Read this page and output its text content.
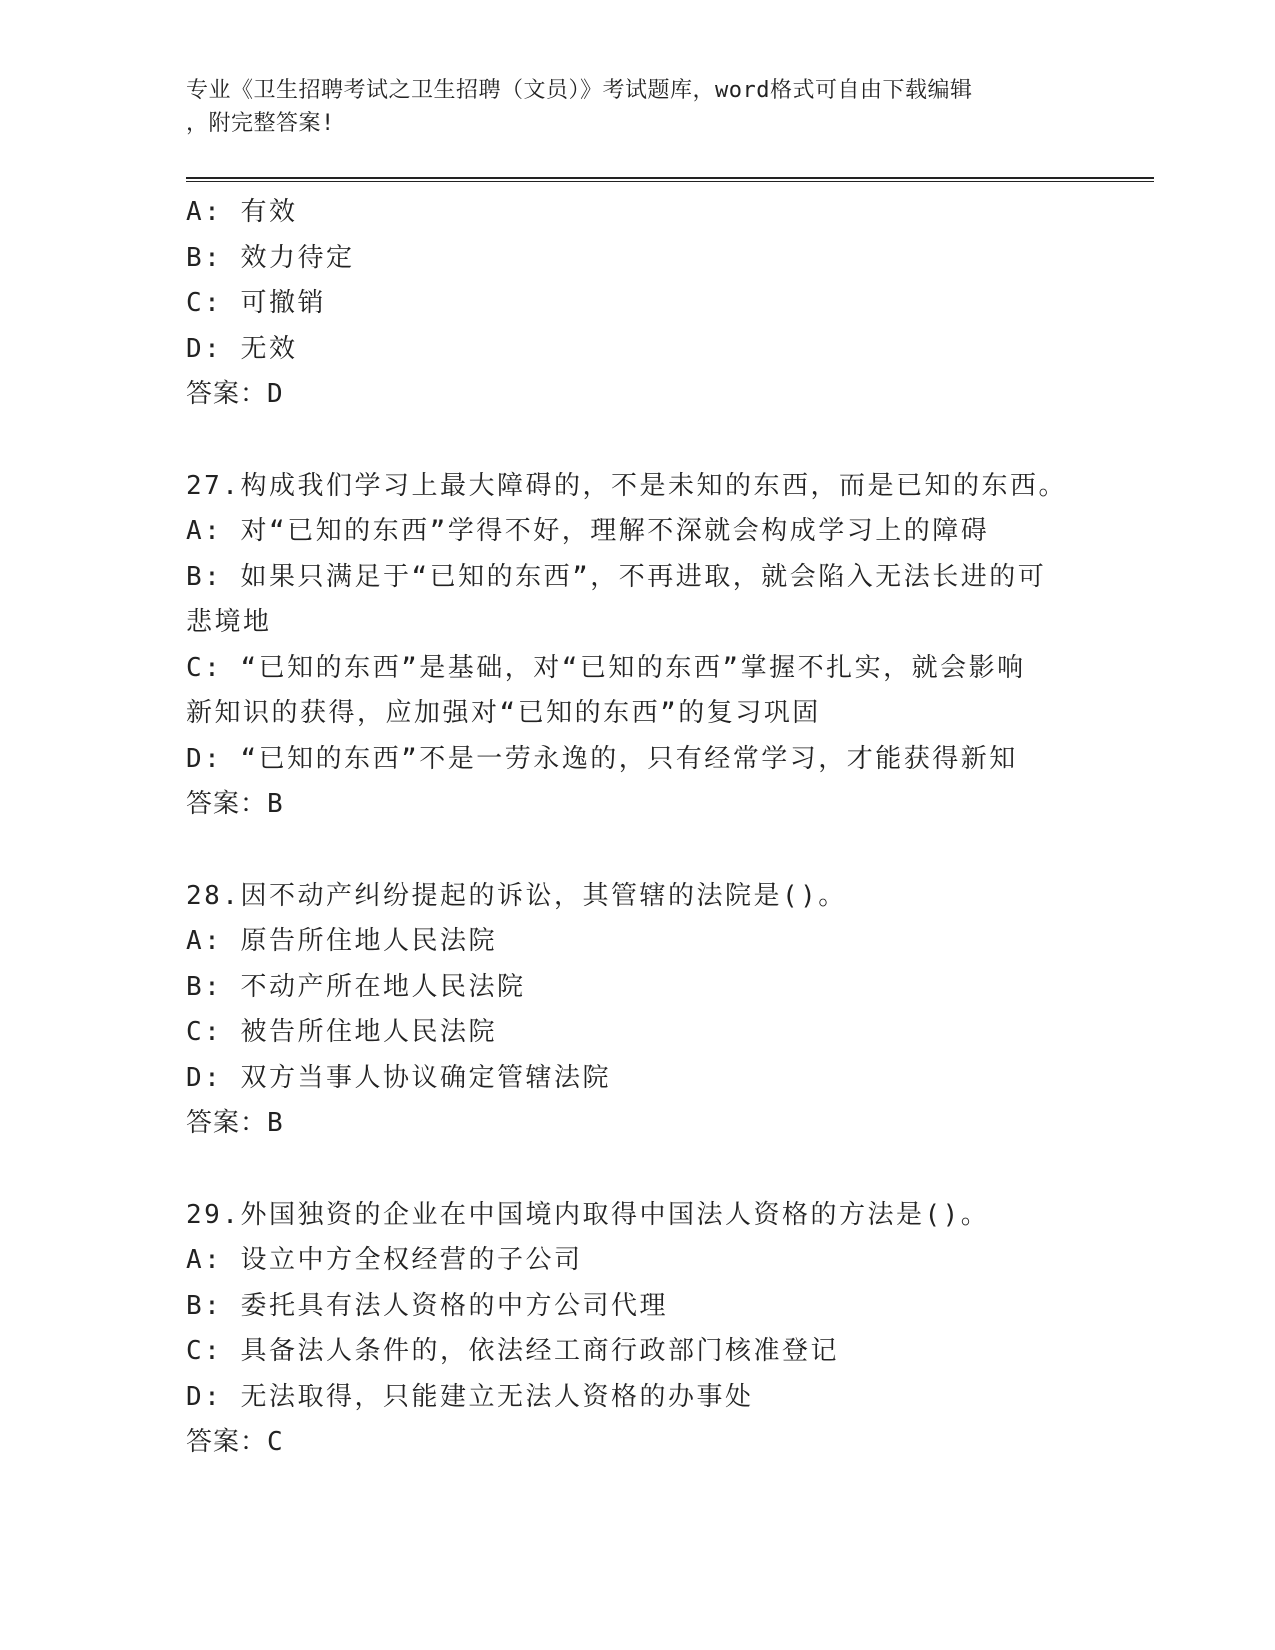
专业《卫生招聘考试之卫生招聘（文员）》考试题库，word格式可自由下载编辑
，附完整答案!
A: 有效
B: 效力待定
C: 可撤销
D: 无效
答案：D
27.构成我们学习上最大障碍的，不是未知的东西，而是已知的东西。
A: 对“已知的东西”学得不好，理解不深就会构成学习上的障碍
B: 如果只满足于“已知的东西”，不再进取，就会陷入无法长进的可
悲境地
C: “已知的东西”是基础，对“已知的东西”掌握不扎实，就会影响
新知识的获得，应加强对“已知的东西”的复习巩固
D: “已知的东西”不是一劳永逸的，只有经常学习，才能获得新知
答案：B
28.因不动产纠纷提起的诉讼，其管辖的法院是()。
A: 原告所住地人民法院
B: 不动产所在地人民法院
C: 被告所住地人民法院
D: 双方当事人协议确定管辖法院
答案：B
29.外国独资的企业在中国境内取得中国法人资格的方法是()。
A: 设立中方全权经营的子公司
B: 委托具有法人资格的中方公司代理
C: 具备法人条件的，依法经工商行政部门核准登记
D: 无法取得，只能建立无法人资格的办事处
答案：C
